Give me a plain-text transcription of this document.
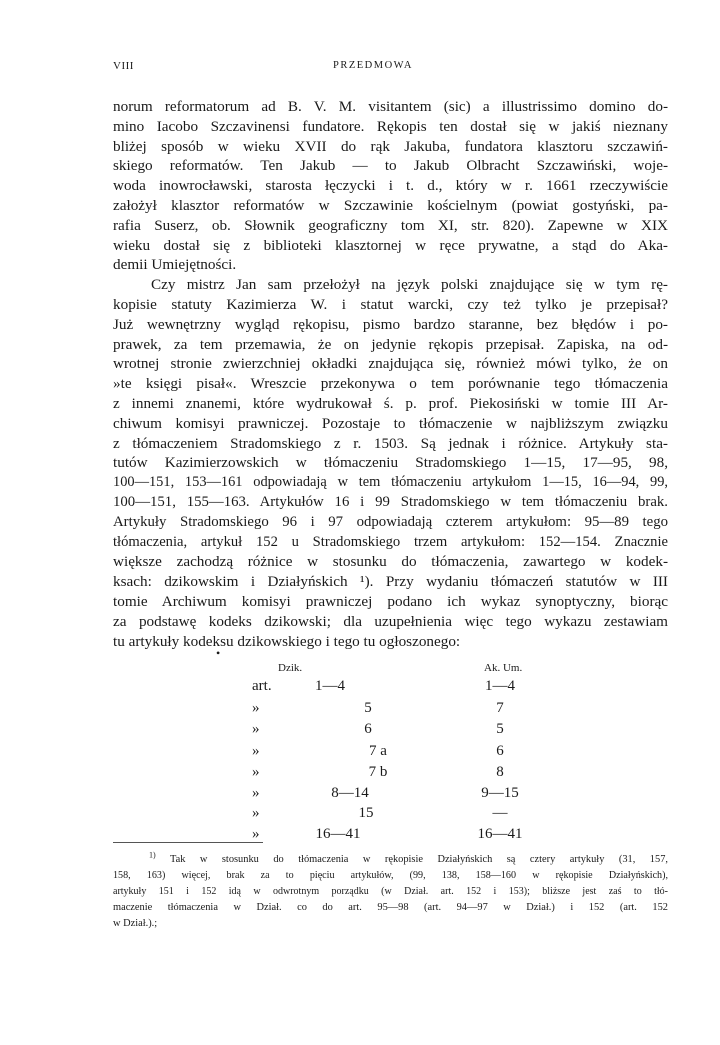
VIII	PRZEDMOWA
norum reformatorum ad B. V. M. visitantem (sic) a illustrissimo domino do-
mino Iacobo Szczavinensi fundatore. Rękopis ten dostał się w jakiś nieznany
bliżej sposób w wieku XVII do rąk Jakuba, fundatora klasztoru szczawiń-
skiego reformatów. Ten Jakub — to Jakub Olbracht Szczawiński, woje-
woda inowrocławski, starosta łęczycki i t. d., który w r. 1661 rzeczywiście
założył klasztor reformatów w Szczawinie kościelnym (powiat gostyński, pa-
rafia Suserz, ob. Słownik geograficzny tom XI, str. 820). Zapewne w XIX
wieku dostał się z biblioteki klasztornej w ręce prywatne, a stąd do Aka-
demii Umiejętności.
Czy mistrz Jan sam przełożył na język polski znajdujące się w tym rę-
kopisie statuty Kazimierza W. i statut warcki, czy też tylko je przepisał?
Już wewnętrzny wygląd rękopisu, pismo bardzo staranne, bez błędów i po-
prawek, za tem przemawia, że on jedynie rękopis przepisał. Zapiska, na od-
wrotnej stronie zwierzchniej okładki znajdująca się, również mówi tylko, że on
»te księgi pisał«. Wreszcie przekonywa o tem porównanie tego tłómaczenia
z innemi znanemi, które wydrukował ś. p. prof. Piekosiński w tomie III Ar-
chiwum komisyi prawniczej. Pozostaje to tłómaczenie w najbliższym związku
z tłómaczeniem Stradomskiego z r. 1503. Są jednak i różnice. Artykuły sta-
tutów Kazimierzowskich w tłómaczeniu Stradomskiego 1—15, 17—95, 98,
100—151, 153—161 odpowiadają w tem tłómaczeniu artykułom 1—15, 16—94, 99,
100—151, 155—163. Artykułów 16 i 99 Stradomskiego w tem tłómaczeniu brak.
Artykuły Stradomskiego 96 i 97 odpowiadają czterem artykułom: 95—89 tego
tłómaczenia, artykuł 152 u Stradomskiego trzem artykułom: 152—154. Znacznie
większe zachodzą różnice w stosunku do tłómaczenia, zawartego w kodek-
ksach: dzikowskim i Działyńskich ¹). Przy wydaniu tłómaczeń statutów w III
tomie Archiwum komisyi prawniczej podano ich wykaz synoptyczny, biorąc
za podstawę kodeks dzikowski; dla uzupełnienia więc tego wykazu zestawiam
tu artykuły kodeksu dzikowskiego i tego tu ogłoszonego:
•
Dzik.	Ak. Um.
art.	1—4	1—4
»	5	7
»	6	5
»	7 a	6
»	7 b	8
»	8—14	9—15
»	15	—
»	16—41	16—41
$^{1)}$ Tak w stosunku do tłómaczenia w rękopisie Działyńskich są cztery artykuły (31, 157,
158, 163) więcej, brak za to pięciu artykułów, (99, 138, 158—160 w rękopisie Działyńskich),
artykuły 151 i 152 idą w odwrotnym porządku (w Dział. art. 152 i 153); bliższe jest zaś to tłó-
maczenie tłómaczenia w Dział. co do art. 95—98 (art. 94—97 w Dział.) i 152 (art. 152
w Dział.).;
